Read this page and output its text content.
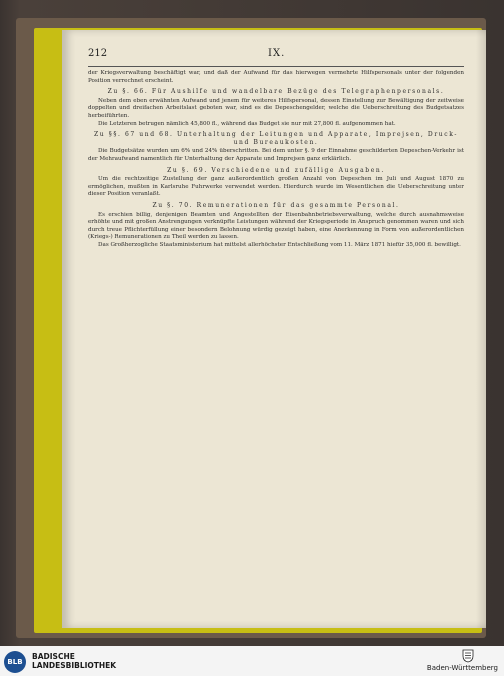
212	IX.

der Kriegsverwaltung beschäftigt war, und daß der Aufwand für das hierwegen vermehrte Hilfspersonals unter der folgenden Position verrechnet erscheint.

Zu §. 66. Für Aushilfe und wandelbare Bezüge des Telegraphenpersonals.

Neben dem eben erwähnten Aufwand und jenem für weiteres Hilfspersonal, dessen Einstellung zur Bewältigung der zeitweise doppelten und dreifachen Arbeitslast geboten war, sind es die Depeschengelder, welche die Ueberschreitung des Budgetsatzes herbeiführten.

Die Letzteren betrugen nämlich 45,800 fl., während das Budget sie nur mit 27,800 fl. aufgenommen hat.

Zu §§. 67 und 68. Unterhaltung der Leitungen und Apparate, Imprejsen, Druck- und Bureaukosten.

Die Budgetsätze wurden um 6% und 24% überschritten. Bei dem unter §. 9 der Einnahme geschilderten Depeschen-Verkehr ist der Mehraufwand namentlich für Unterhaltung der Apparate und Imprejsen ganz erklärlich.

Zu §. 69. Verschiedene und zufällige Ausgaben.

Um die rechtzeitige Zustellung der ganz außerordentlich großen Anzahl von Depeschen im Juli und August 1870 zu ermöglichen, mußten in Karlsruhe Fuhrwerke verwendet werden. Hierdurch wurde im Wesentlichen die Ueberschreitung unter dieser Position veranlaßt.

Zu §. 70. Remunerationen für das gesammte Personal.

Es erschien billig, denjenigen Beamten und Angestellten der Eisenbahnbetriebsverwaltung, welche durch ausnahmsweise erhöhte und mit großen Anstrengungen verknüpfte Leistungen während der Kriegsperiode in Anspruch genommen waren und sich durch treue Pflichterfüllung einer besondern Belohnung würdig gezeigt haben, eine Anerkennung in Form von außerordentlichen (Kriegs-) Remunerationen zu Theil werden zu lassen.

Das Großherzogliche Staatsministerium hat mittelst allerhöchster Entschließung vom 11. März 1871 hiefür 35,000 fl. bewilligt.

BLB
BADISCHE
LANDESBIBLIOTHEK	Baden-Württemberg
